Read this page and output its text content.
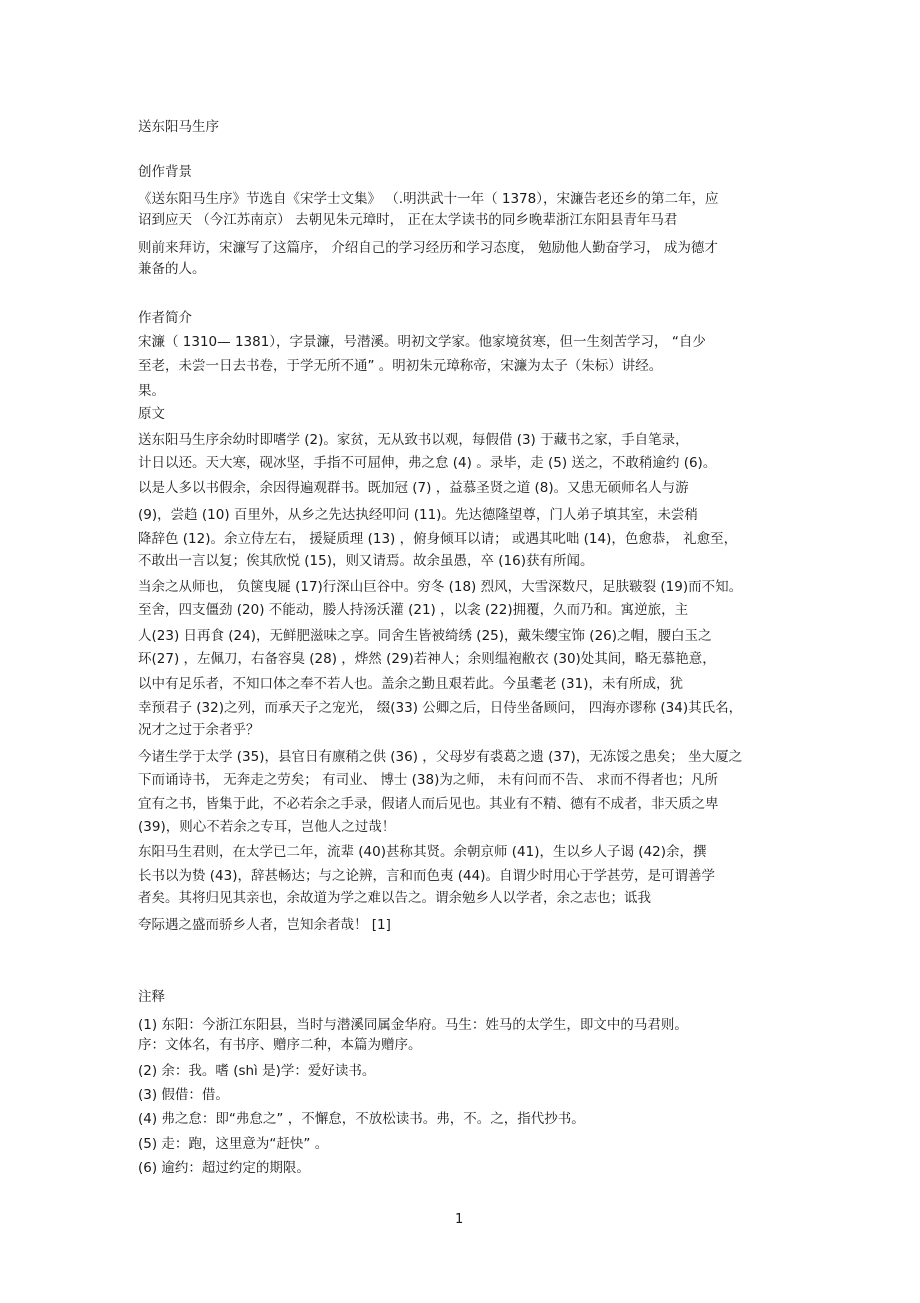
送东阳马生序
创作背景
《送东阳马生序》节选自《宋学士文集》 （.明洪武十一年（ 1378），宋濂告老还乡的第二年，应
诏到应天 （今江苏南京） 去朝见朱元璋时， 正在太学读书的同乡晚辈浙江东阳县青年马君
则前来拜访，宋濂写了这篇序， 介绍自己的学习经历和学习态度， 勉励他人勤奋学习， 成为德才
兼备的人。
作者简介
宋濂（ 1310— 1381），字景濂，号潜溪。明初文学家。他家境贫寒，但一生刻苦学习， “自少
至老，未尝一日去书卷，于学无所不通” 。明初朱元璋称帝，宋濂为太子（朱标）讲经。
果。
原文
送东阳马生序余幼时即嗜学 (2)。家贫，无从致书以观，每假借 (3) 于藏书之家，手自笔录，
计日以还。天大寒，砚冰坚，手指不可屈伸，弗之怠 (4) 。录毕，走 (5) 送之，不敢稍逾约 (6)。
以是人多以书假余，余因得遍观群书。既加冠 (7) ，益慕圣贤之道 (8)。又患无硕师名人与游
(9)，尝趋 (10) 百里外，从乡之先达执经叩问 (11)。先达德隆望尊，门人弟子填其室，未尝稍
降辞色 (12)。余立侍左右， 援疑质理 (13) ，俯身倾耳以请； 或遇其叱咄 (14)，色愈恭， 礼愈至，
不敢出一言以复；俟其欣悦 (15)，则又请焉。故余虽愚，卒 (16)获有所闻。
当余之从师也， 负箧曳屣 (17)行深山巨谷中。穷冬 (18) 烈风，大雪深数尺，足肤皲裂 (19)而不知。
至舍，四支僵劲 (20) 不能动，媵人持汤沃灌 (21) ，以衾 (22)拥覆，久而乃和。寓逆旅，主
人(23) 日再食 (24)，无鲜肥滋味之享。同舍生皆被绮绣 (25)，戴朱缨宝饰 (26)之帽，腰白玉之
环(27) ，左佩刀，右备容臭 (28) ，烨然 (29)若神人；余则缊袍敝衣 (30)处其间，略无慕艳意，
以中有足乐者，不知口体之奉不若人也。盖余之勤且艰若此。今虽耄老 (31)，未有所成，犹
幸预君子 (32)之列，而承天子之宠光， 缀(33) 公卿之后，日侍坐备顾问， 四海亦谬称 (34)其氏名，
况才之过于余者乎？
今诸生学于太学 (35)，县官日有廪稍之供 (36) ，父母岁有裘葛之遗 (37)，无冻馁之患矣； 坐大厦之
下而诵诗书， 无奔走之劳矣； 有司业、 博士 (38)为之师， 未有问而不告、 求而不得者也；凡所
宜有之书，皆集于此，不必若余之手录，假诸人而后见也。其业有不精、德有不成者，非天质之卑
(39)，则心不若余之专耳，岂他人之过哉！
东阳马生君则，在太学已二年，流辈 (40)甚称其贤。余朝京师 (41)，生以乡人子谒 (42)余，撰
长书以为贽 (43)，辞甚畅达；与之论辨，言和而色夷 (44)。自谓少时用心于学甚劳，是可谓善学
者矣。其将归见其亲也，余故道为学之难以告之。谓余勉乡人以学者，余之志也；诋我
夸际遇之盛而骄乡人者，岂知余者哉！ [1]
注释
(1) 东阳：今浙江东阳县，当时与潜溪同属金华府。马生：姓马的太学生，即文中的马君则。
序：文体名，有书序、赠序二种，本篇为赠序。
(2) 余：我。嗜 (shì 是)学：爱好读书。
(3) 假借：借。
(4) 弗之怠：即“弗怠之” ，不懈怠，不放松读书。弗，不。之，指代抄书。
(5) 走：跑，这里意为“赶快” 。
(6) 逾约：超过约定的期限。
1
